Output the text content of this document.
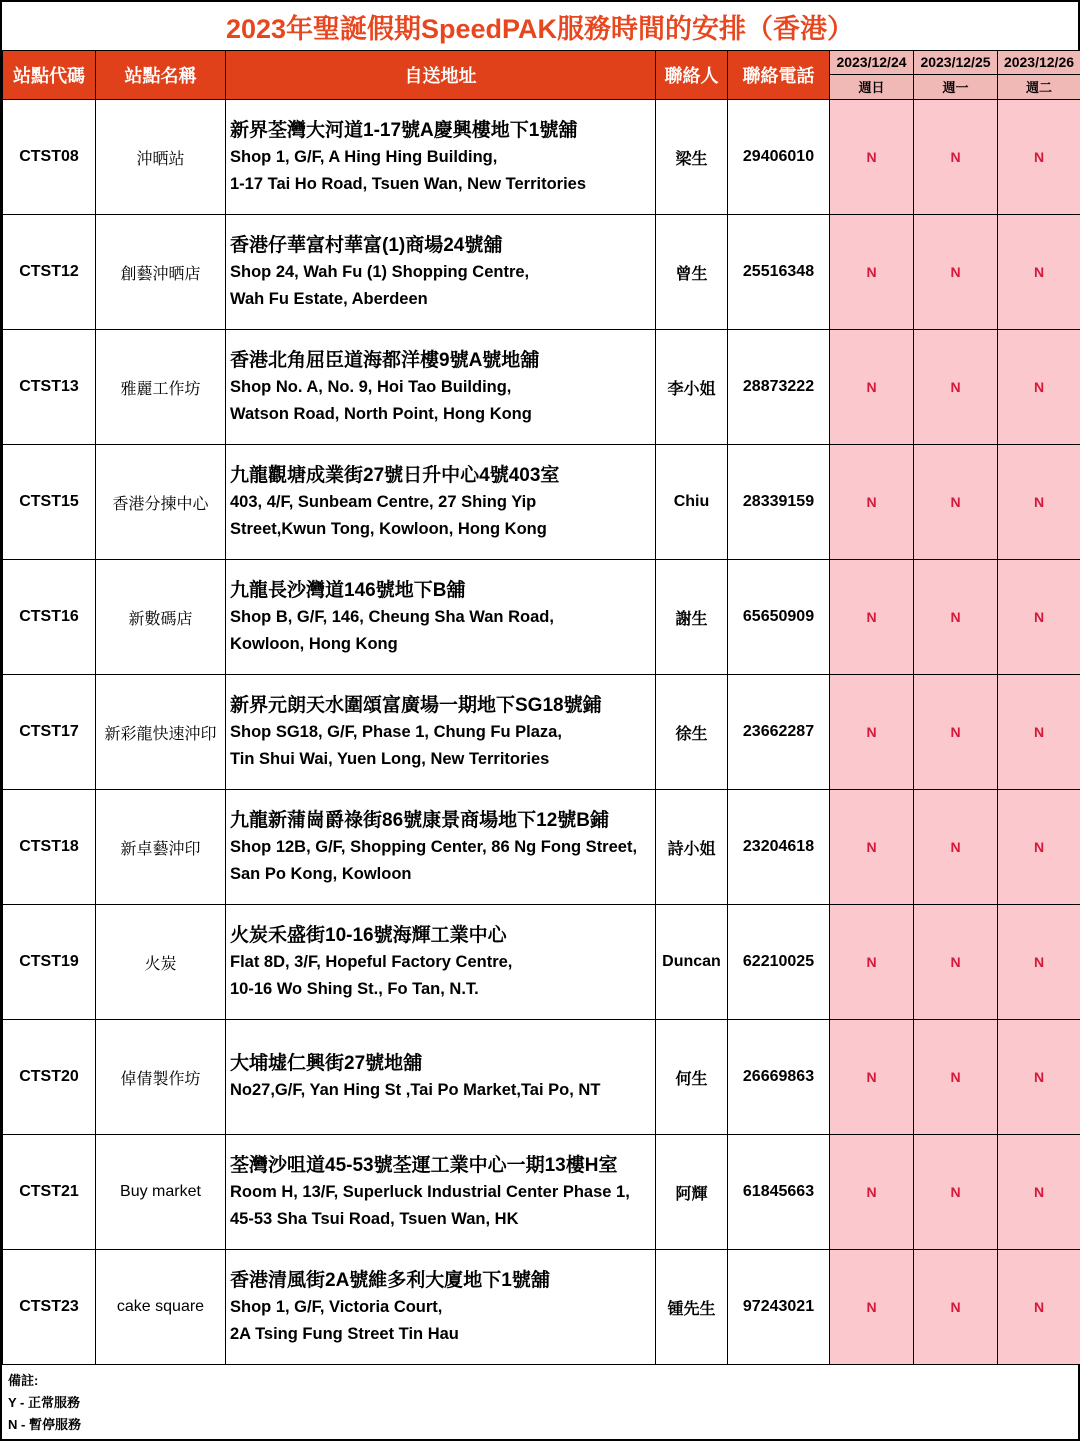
2023年聖誕假期SpeedPAK服務時間的安排（香港）
站點代碼	站點名稱	自送地址	聯絡人	聯絡電話	2023/12/24	2023/12/25	2023/12/26
					週日	週一	週二
CTST08	沖晒站	新界荃灣大河道1-17號A慶興樓地下1號舖
Shop 1, G/F, A Hing Hing Building,
1-17 Tai Ho Road, Tsuen Wan, New Territories	梁生	29406010	N	N	N
CTST12	創藝沖晒店	香港仔華富村華富(1)商場24號舖
Shop 24, Wah Fu (1) Shopping Centre,
Wah Fu Estate, Aberdeen	曾生	25516348	N	N	N
CTST13	雅麗工作坊	香港北角屈臣道海都洋樓9號A號地舖
Shop No. A, No. 9, Hoi Tao Building,
Watson Road, North Point, Hong Kong	李小姐	28873222	N	N	N
CTST15	香港分揀中心	九龍觀塘成業街27號日升中心4號403室
403, 4/F, Sunbeam Centre, 27 Shing Yip
Street,Kwun Tong, Kowloon, Hong Kong	Chiu	28339159	N	N	N
CTST16	新數碼店	九龍長沙灣道146號地下B舖
Shop B, G/F, 146, Cheung Sha Wan Road,
Kowloon, Hong Kong	謝生	65650909	N	N	N
CTST17	新彩龍快速沖印	新界元朗天水圍頌富廣場一期地下SG18號鋪
Shop SG18, G/F, Phase 1, Chung Fu Plaza,
Tin Shui Wai, Yuen Long, New Territories	徐生	23662287	N	N	N
CTST18	新卓藝沖印	九龍新蒲崗爵祿街86號康景商場地下12號B鋪
Shop 12B, G/F, Shopping Center, 86 Ng Fong Street,
San Po Kong, Kowloon	詩小姐	23204618	N	N	N
CTST19	火炭	火炭禾盛街10-16號海輝工業中心
Flat 8D, 3/F, Hopeful Factory Centre,
10-16 Wo Shing St., Fo Tan, N.T.	Duncan	62210025	N	N	N
CTST20	倬倩製作坊	大埔墟仁興街27號地舖
No27,G/F, Yan Hing St ,Tai Po Market,Tai Po, NT	何生	26669863	N	N	N
CTST21	Buy market	荃灣沙咀道45-53號荃運工業中心一期13樓H室
Room H, 13/F, Superluck Industrial Center Phase 1,
45-53 Sha Tsui Road, Tsuen Wan, HK	阿輝	61845663	N	N	N
CTST23	cake square	香港清風街2A號維多利大廈地下1號舖
Shop 1, G/F, Victoria Court,
2A Tsing Fung Street Tin Hau	锺先生	97243021	N	N	N
備註:
Y - 正常服務
N - 暫停服務
